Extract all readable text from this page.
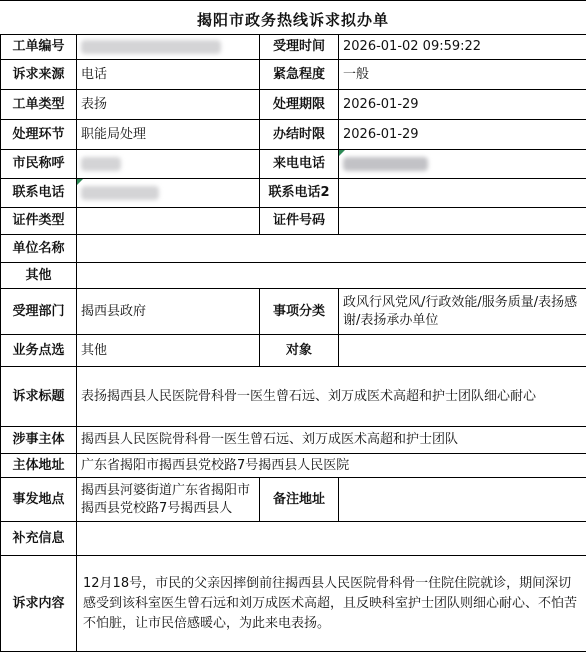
揭阳市政务热线诉求拟办单
工单编号		受理时间	2026-01-02 09:59:22
诉求来源	电话	紧急程度	一般
工单类型	表扬	处理期限	2026-01-29
处理环节	职能局处理	办结时限	2026-01-29
市民称呼		来电电话	

联系电话		联系电话2	
证件类型		证件号码	
单位名称			
其他			
受理部门	揭西县政府	事项分类	政风行风党风/行政效能/服务质量/表扬感谢/表扬承办单位
业务点选	其他	对象	
诉求标题	表扬揭西县人民医院骨科骨一医生曾石远、刘万成医术高超和护士团队细心耐心		
涉事主体	揭西县人民医院骨科骨一医生曾石远、刘万成医术高超和护士团队		
主体地址	广东省揭阳市揭西县党校路7号揭西县人民医院		
事发地点	揭西县河婆街道广东省揭阳市揭西县党校路7号揭西县人	备注地址	
补充信息			
诉求内容	12月18号，市民的父亲因摔倒前往揭西县人民医院骨科骨一住院住院就诊，期间深切感受到该科室医生曾石远和刘万成医术高超，且反映科室护士团队则细心耐心、不怕苦不怕脏，让市民倍感暖心，为此来电表扬。		
